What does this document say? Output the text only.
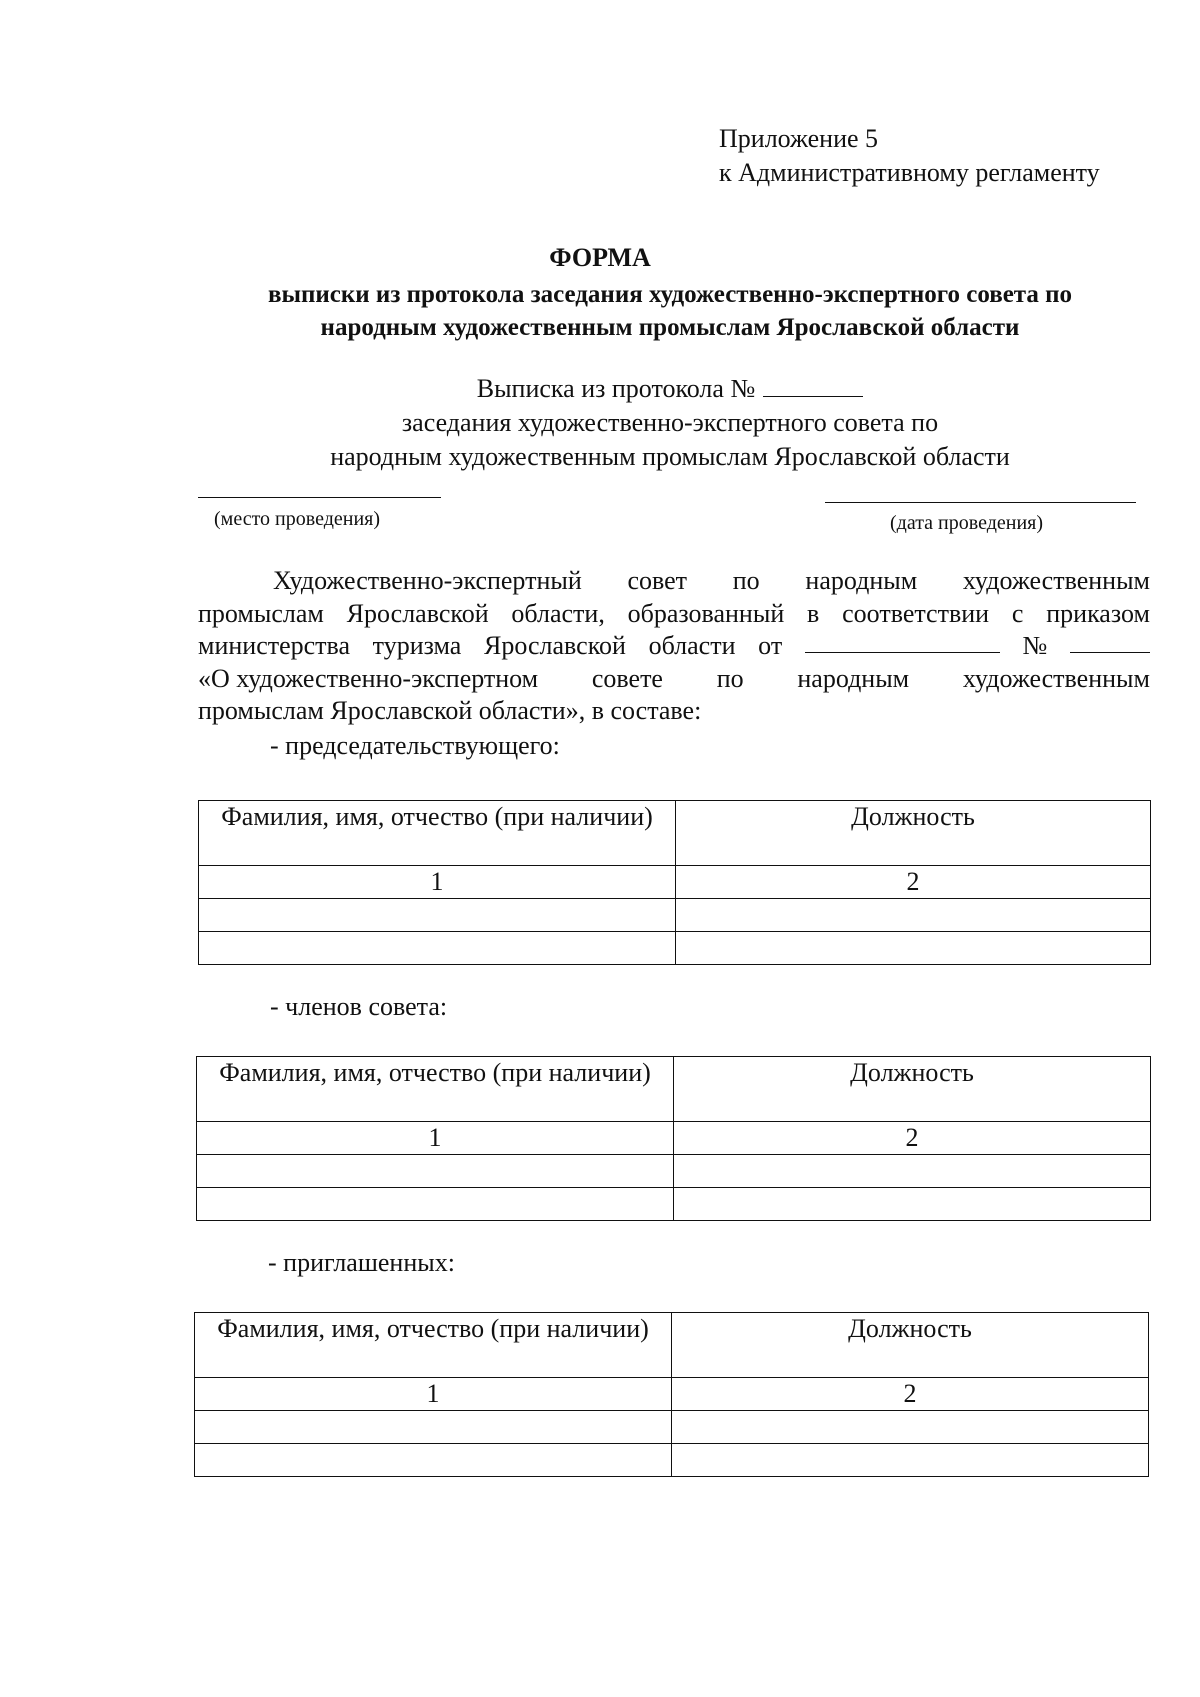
Приложение 5
к Административному регламенту
ФОРМА
выписки из протокола заседания художественно-экспертного совета по
народным художественным промыслам Ярославской области
Выписка из протокола №
заседания художественно-экспертного совета по
народным художественным промыслам Ярославской области
(место проведения)	(дата проведения)
Художественно-экспертный совет по народным художественным
промыслам Ярославской области, образованный в соответствии с приказом
министерства туризма Ярославской области от	№
«О художественно-экспертном совете по народным художественным
промыслам Ярославской области», в составе:
- председательствующего:
Фамилия, имя, отчество (при наличии)	Должность
1	2

- членов совета:
Фамилия, имя, отчество (при наличии)	Должность
1	2

- приглашенных:
Фамилия, имя, отчество (при наличии)	Должность
1	2
